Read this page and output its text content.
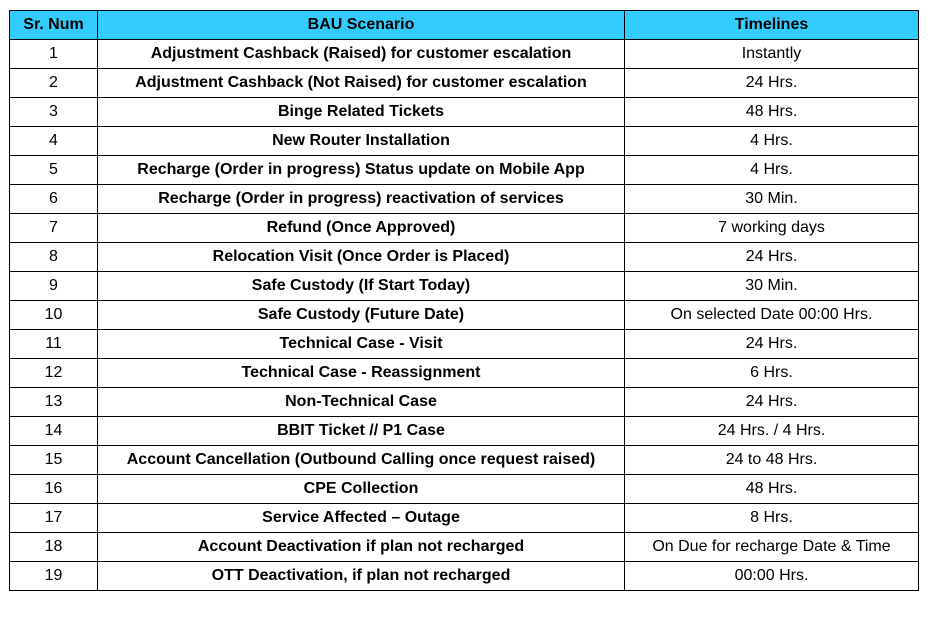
Sr. Num	BAU Scenario	Timelines
1	Adjustment Cashback (Raised) for customer escalation	Instantly
2	Adjustment Cashback (Not Raised) for customer escalation	24 Hrs.
3	Binge Related Tickets	48 Hrs.
4	New Router Installation	4 Hrs.
5	Recharge (Order in progress) Status update on Mobile App	4 Hrs.
6	Recharge (Order in progress) reactivation of services	30 Min.
7	Refund (Once Approved)	7 working days
8	Relocation Visit (Once Order is Placed)	24 Hrs.
9	Safe Custody (If Start Today)	30 Min.
10	Safe Custody (Future Date)	On selected Date 00:00 Hrs.
11	Technical Case - Visit	24 Hrs.
12	Technical Case - Reassignment	6 Hrs.
13	Non-Technical Case	24 Hrs.
14	BBIT Ticket // P1 Case	24 Hrs. / 4 Hrs.
15	Account Cancellation (Outbound Calling once request raised)	24 to 48 Hrs.
16	CPE Collection	48 Hrs.
17	Service Affected – Outage	8 Hrs.
18	Account Deactivation if plan not recharged	On Due for recharge Date & Time
19	OTT Deactivation, if plan not recharged	00:00 Hrs.
